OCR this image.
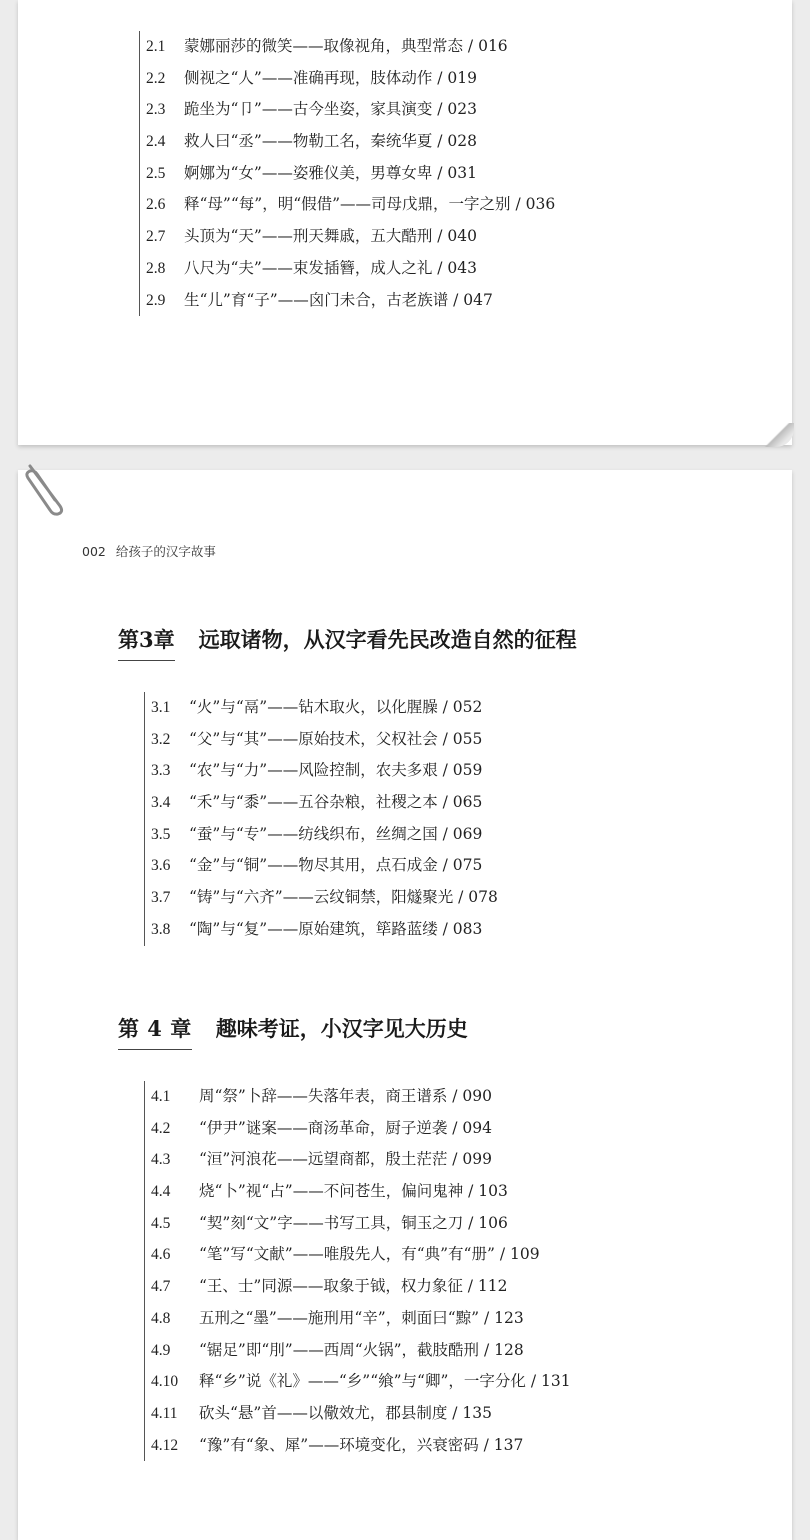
2.1 蒙娜丽莎的微笑——取像视角，典型常态 / 016
2.2 侧视之“人”——准确再现，肢体动作 / 019
2.3 跪坐为“卩”——古今坐姿，家具演变 / 023
2.4 救人曰“丞”——物勒工名，秦统华夏 / 028
2.5 婀娜为“女”——姿雅仪美，男尊女卑 / 031
2.6 释“母”“每”，明“假借”——司母戊鼎，一字之别 / 036
2.7 头顶为“天”——刑天舞戚，五大酷刑 / 040
2.8 八尺为“夫”——束发插簪，成人之礼 / 043
2.9 生“儿”育“子”——囟门未合，古老族谱 / 047
002 给孩子的汉字故事
第3章 远取诸物，从汉字看先民改造自然的征程
3.1 “火”与“鬲”——钻木取火，以化腥臊 / 052
3.2 “父”与“其”——原始技术，父权社会 / 055
3.3 “农”与“力”——风险控制，农夫多艰 / 059
3.4 “禾”与“黍”——五谷杂粮，社稷之本 / 065
3.5 “蚕”与“专”——纺线织布，丝绸之国 / 069
3.6 “金”与“铜”——物尽其用，点石成金 / 075
3.7 “铸”与“六齐”——云纹铜禁，阳燧聚光 / 078
3.8 “陶”与“复”——原始建筑，筚路蓝缕 / 083
第 4 章 趣味考证，小汉字见大历史
4.1 周“祭”卜辞——失落年表，商王谱系 / 090
4.2 “伊尹”谜案——商汤革命，厨子逆袭 / 094
4.3 “洹”河浪花——远望商都，殷土茫茫 / 099
4.4 烧“卜”视“占”——不问苍生，偏问鬼神 / 103
4.5 “契”刻“文”字——书写工具，铜玉之刀 / 106
4.6 “笔”写“文献”——唯殷先人，有“典”有“册” / 109
4.7 “王、士”同源——取象于钺，权力象征 / 112
4.8 五刑之“墨”——施刑用“辛”，刺面曰“黥” / 123
4.9 “锯足”即“刖”——西周“火锅”，截肢酷刑 / 128
4.10 释“乡”说《礼》——“乡”“飨”与“卿”，一字分化 / 131
4.11 砍头“悬”首——以儆效尤，郡县制度 / 135
4.12 “豫”有“象、犀”——环境变化，兴衰密码 / 137
